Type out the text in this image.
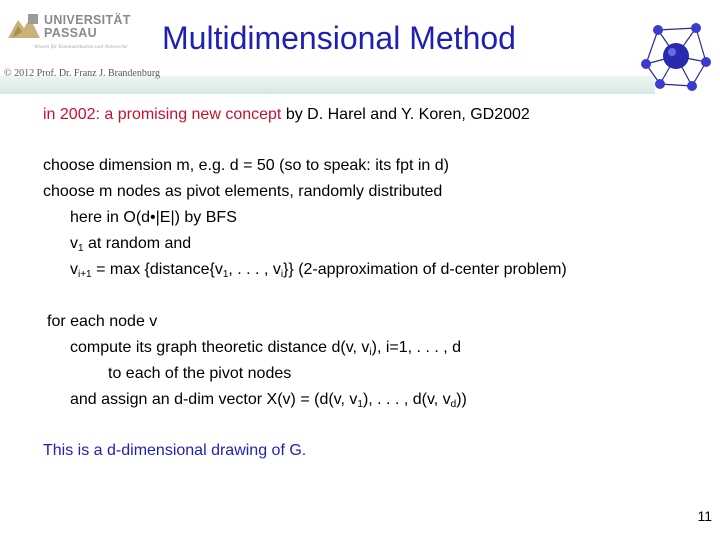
UNIVERSITÄT
PASSAU
Wissen für Kommunikation und Netzwerke Multidimensional Method
© 2012 Prof. Dr. Franz J. Brandenburg
in 2002: a promising new concept by D. Harel and Y. Koren, GD2002
choose dimension m, e.g. d = 50 (so to speak: its fpt in d)
choose m nodes as pivot elements, randomly distributed
here in O(d•|E|) by BFS
$v_1$ at random and
$v_{i+1} = \max$ {$distance\{v_1$, . . . , $v_i$}} (2-approximation of d-center problem)
for each node v
compute its graph theoretic distance d(v, $v_i$), i=1, . . . , d
to each of the pivot nodes
and assign an d-dim vector X(v) = (d(v, $v_1$), . . . , d(v, $v_d$))
This is a d-dimensional drawing of G.
11
